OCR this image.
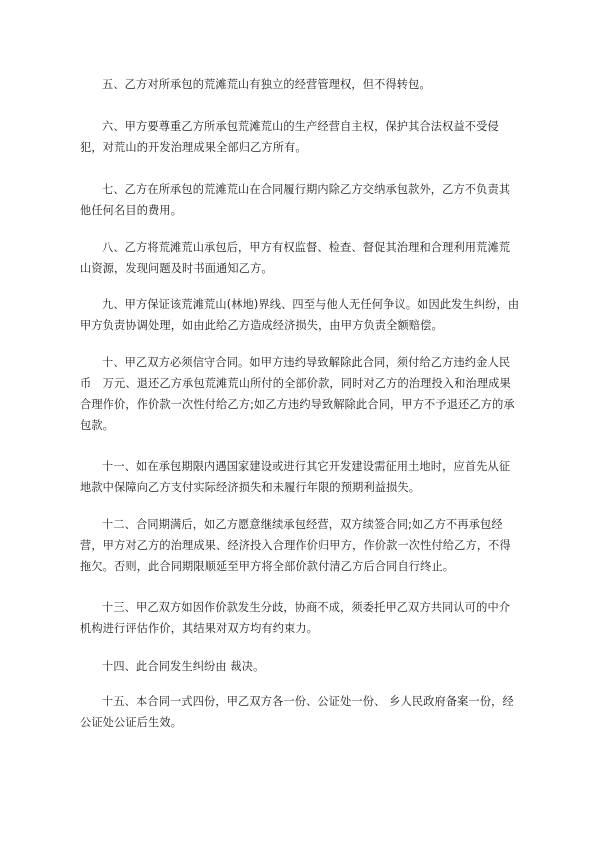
五、乙方对所承包的荒滩荒山有独立的经营管理权，但不得转包。

六、甲方要尊重乙方所承包荒滩荒山的生产经营自主权，保护其合法权益不受侵犯，对荒山的开发治理成果全部归乙方所有。

七、乙方在所承包的荒滩荒山在合同履行期内除乙方交纳承包款外，乙方不负责其他任何名目的费用。

八、乙方将荒滩荒山承包后，甲方有权监督、检查、督促其治理和合理利用荒滩荒山资源，发现问题及时书面通知乙方。

九、甲方保证该荒滩荒山(林地)界线、四至与他人无任何争议。如因此发生纠纷，由甲方负责协调处理，如由此给乙方造成经济损失，由甲方负责全额赔偿。

十、甲乙双方必须信守合同。如甲方违约导致解除此合同，须付给乙方违约金人民币　万元、退还乙方承包荒滩荒山所付的全部价款，同时对乙方的治理投入和治理成果合理作价，作价款一次性付给乙方;如乙方违约导致解除此合同，甲方不予退还乙方的承包款。

十一、如在承包期限内遇国家建设或进行其它开发建设需征用土地时，应首先从征地款中保障向乙方支付实际经济损失和未履行年限的预期利益损失。

十二、合同期满后，如乙方愿意继续承包经营，双方续签合同;如乙方不再承包经营，甲方对乙方的治理成果、经济投入合理作价归甲方，作价款一次性付给乙方，不得拖欠。否则，此合同期限顺延至甲方将全部价款付清乙方后合同自行终止。

十三、甲乙双方如因作价款发生分歧，协商不成，须委托甲乙双方共同认可的中介机构进行评估作价，其结果对双方均有约束力。

十四、此合同发生纠纷由 裁决。

十五、本合同一式四份，甲乙双方各一份、公证处一份、 乡人民政府备案一份，经 公证处公证后生效。
